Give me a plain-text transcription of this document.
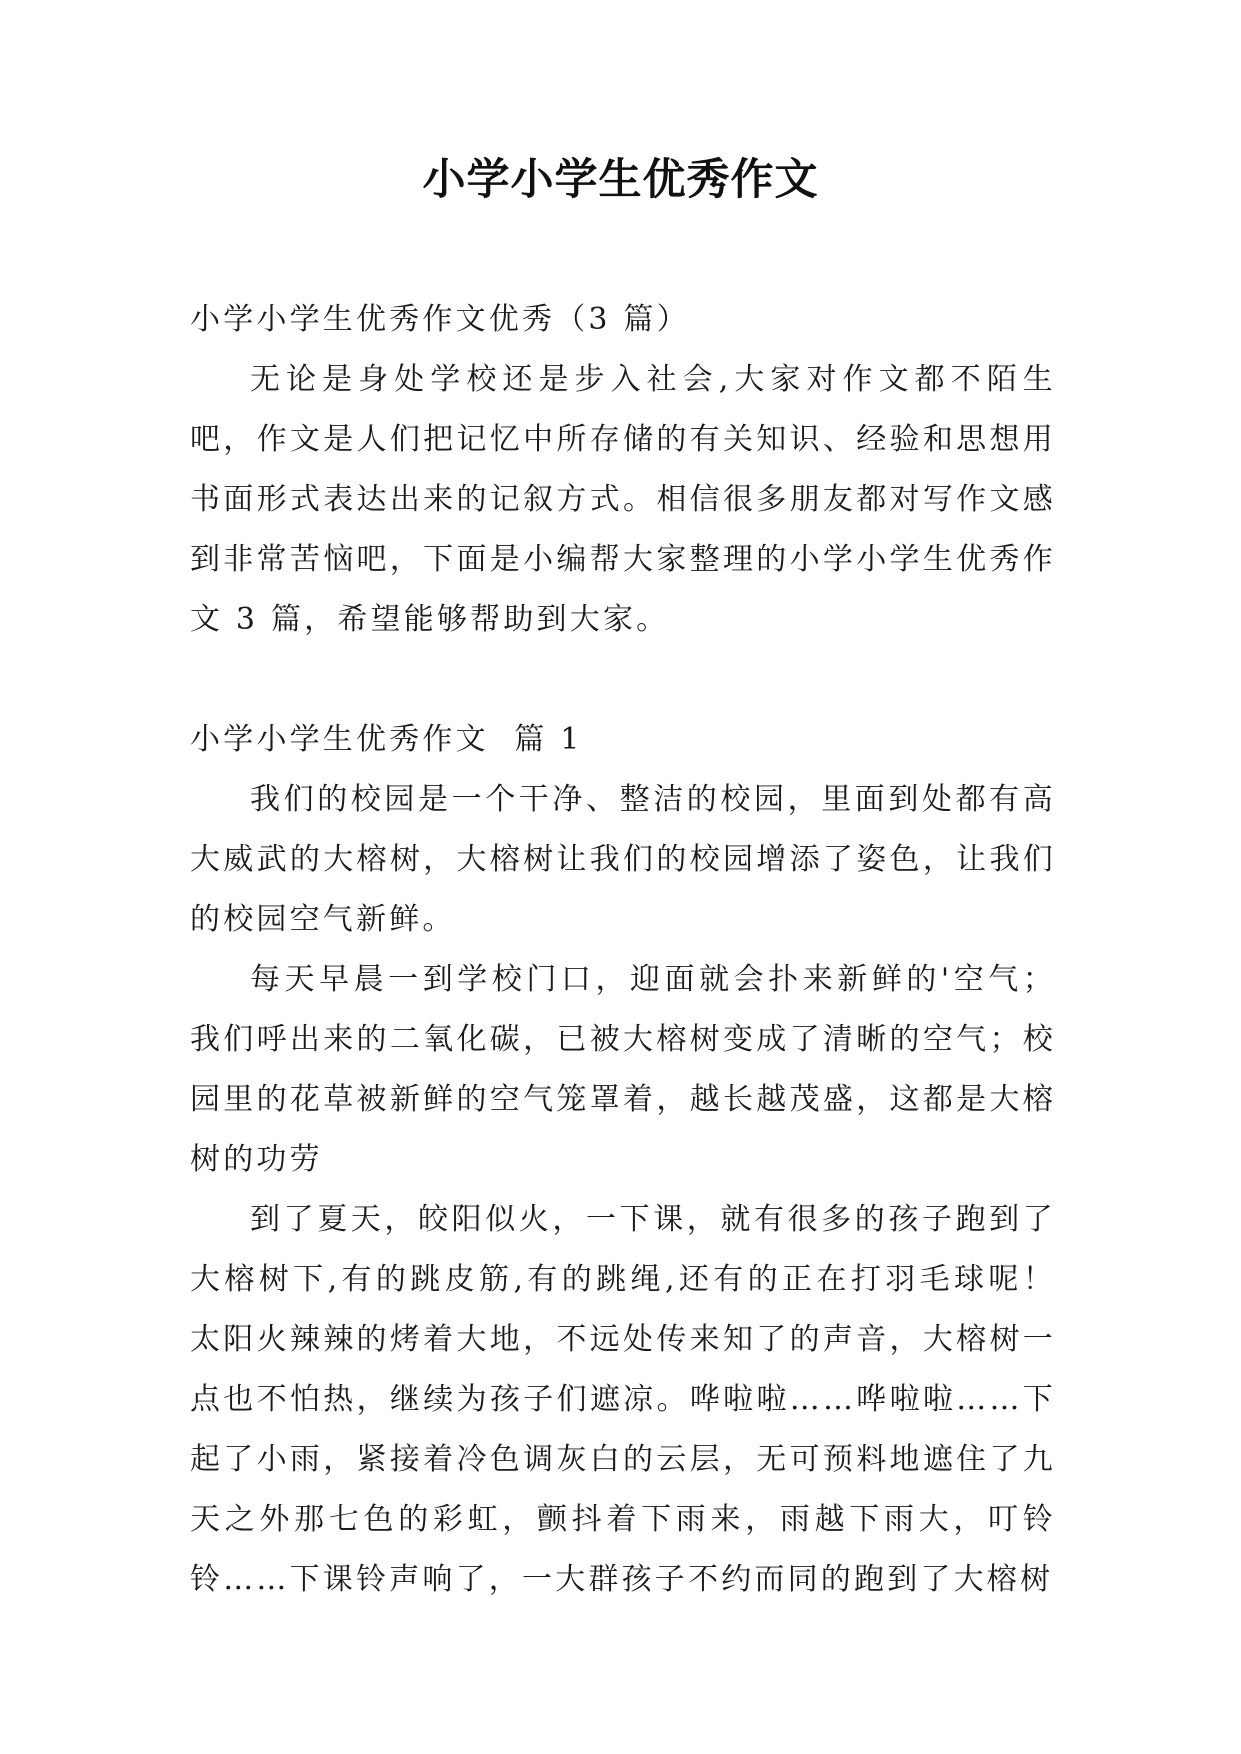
小学小学生优秀作文

小学小学生优秀作文优秀（3 篇）

无论是身处学校还是步入社会,大家对作文都不陌生吧，作文是人们把记忆中所存储的有关知识、经验和思想用书面形式表达出来的记叙方式。相信很多朋友都对写作文感到非常苦恼吧，下面是小编帮大家整理的小学小学生优秀作文 3 篇，希望能够帮助到大家。

小学小学生优秀作文  篇 1

我们的校园是一个干净、整洁的校园，里面到处都有高大威武的大榕树，大榕树让我们的校园增添了姿色，让我们的校园空气新鲜。

每天早晨一到学校门口，迎面就会扑来新鲜的'空气；我们呼出来的二氧化碳，已被大榕树变成了清晰的空气；校园里的花草被新鲜的空气笼罩着，越长越茂盛，这都是大榕树的功劳

到了夏天，皎阳似火，一下课，就有很多的孩子跑到了大榕树下,有的跳皮筋,有的跳绳,还有的正在打羽毛球呢！太阳火辣辣的烤着大地，不远处传来知了的声音，大榕树一点也不怕热，继续为孩子们遮凉。哗啦啦……哗啦啦……下起了小雨，紧接着冷色调灰白的云层，无可预料地遮住了九天之外那七色的彩虹，颤抖着下雨来，雨越下雨大，叮铃铃……下课铃声响了，一大群孩子不约而同的跑到了大榕树
